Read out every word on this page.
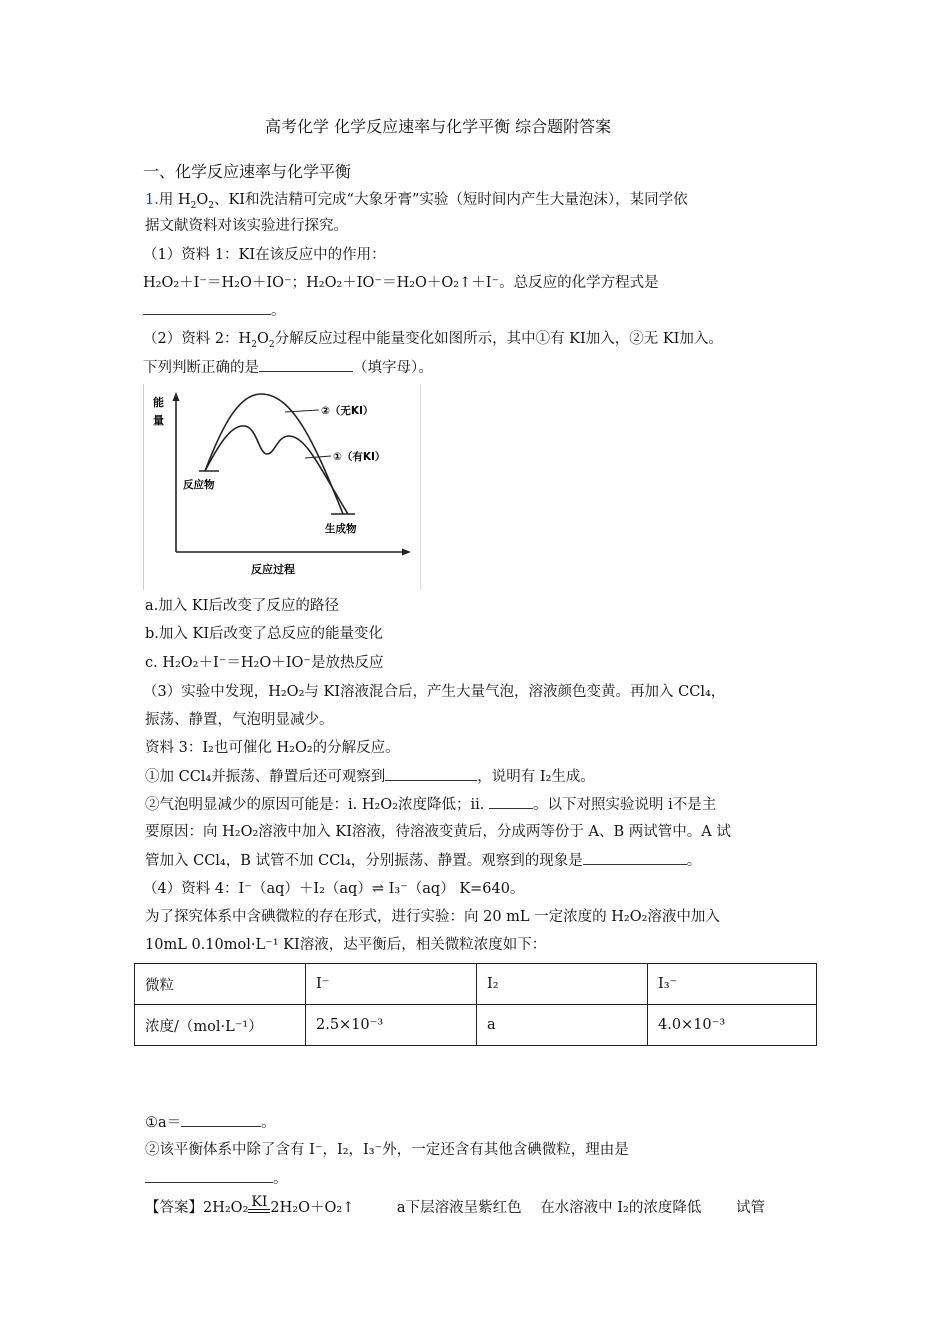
高考化学 化学反应速率与化学平衡 综合题附答案
一、化学反应速率与化学平衡
1.用 $H_2O_2$、KI和洗洁精可完成“大象牙膏”实验（短时间内产生大量泡沫），某同学依
据文献资料对该实验进行探究。
（1）资料 1：KI在该反应中的作用：
H₂O₂＋I⁻＝H₂O＋IO⁻；H₂O₂＋IO⁻＝H₂O＋O₂↑＋I⁻。总反应的化学方程式是
。
（2）资料 2：$H_2O_2$分解反应过程中能量变化如图所示，其中①有 KI加入，②无 KI加入。
下列判断正确的是	（填字母）。
能
量
②（无KI）
①（有KI）
反应物
生成物
反应过程
a.加入 KI后改变了反应的路径
b.加入 KI后改变了总反应的能量变化
c. H₂O₂＋I⁻＝H₂O＋IO⁻是放热反应
（3）实验中发现，H₂O₂与 KI溶液混合后，产生大量气泡，溶液颜色变黄。再加入 CCl₄，
振荡、静置，气泡明显减少。
资料 3：I₂也可催化 H₂O₂的分解反应。
①加 CCl₄并振荡、静置后还可观察到	，说明有 I₂生成。
②气泡明显减少的原因可能是：i. H₂O₂浓度降低；ii.	。以下对照实验说明 i不是主
要原因：向 H₂O₂溶液中加入 KI溶液，待溶液变黄后，分成两等份于 A、B 两试管中。A 试
管加入 CCl₄，B 试管不加 CCl₄，分别振荡、静置。观察到的现象是	。
（4）资料 4：I⁻（aq）＋I₂（aq）⇌ I₃⁻（aq） K=640。
为了探究体系中含碘微粒的存在形式，进行实验：向 20 mL 一定浓度的 H₂O₂溶液中加入
10mL 0.10mol·L⁻¹ KI溶液，达平衡后，相关微粒浓度如下：
微粒	I⁻	I₂	I₃⁻
浓度/（mol·L⁻¹）	2.5×10⁻³	a	4.0×10⁻³
①a＝	。
②该平衡体系中除了含有 I⁻，I₂，I₃⁻外，一定还含有其他含碘微粒，理由是
。
【答案】2H₂O₂ KI 2H₂O＋O₂↑	a下层溶液呈紫红色 在水溶液中 I₂的浓度降低 试管
